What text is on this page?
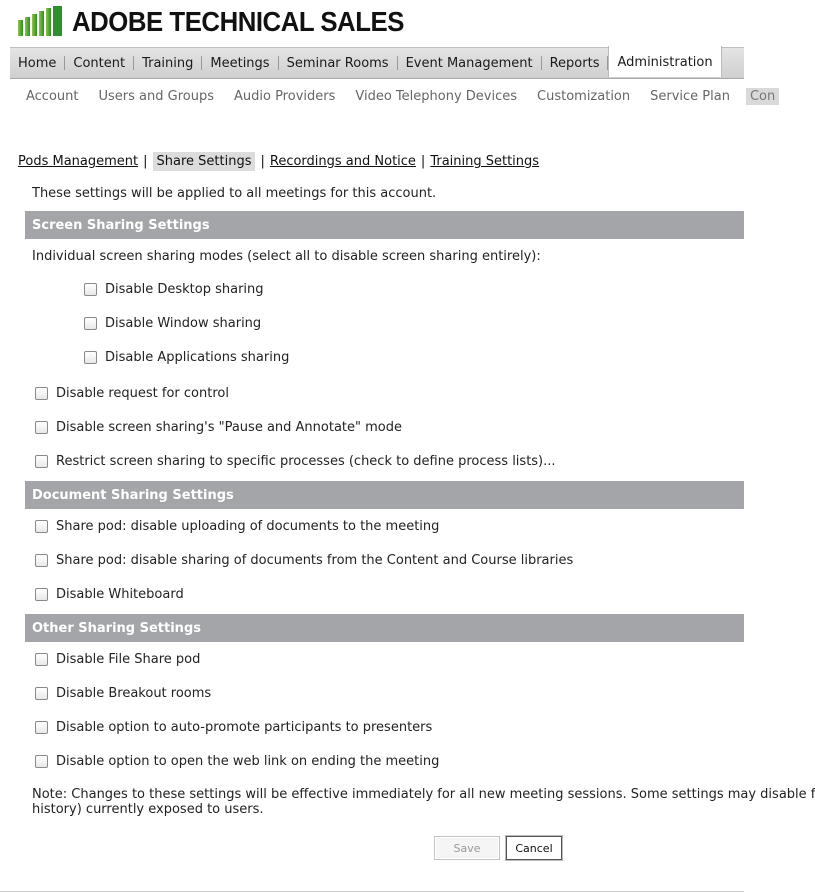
ADOBE TECHNICAL SALES
Home	Content	Training	Meetings	Seminar Rooms	Event Management	Reports	Administration
Account	Users and Groups	Audio Providers	Video Telephony Devices	Customization	Service Plan	Con
Pods Management | Share Settings | Recordings and Notice | Training Settings
These settings will be applied to all meetings for this account.
Screen Sharing Settings
Individual screen sharing modes (select all to disable screen sharing entirely):
Disable Desktop sharing
Disable Window sharing
Disable Applications sharing
Disable request for control
Disable screen sharing's "Pause and Annotate" mode
Restrict screen sharing to specific processes (check to define process lists)...
Document Sharing Settings
Share pod: disable uploading of documents to the meeting
Share pod: disable sharing of documents from the Content and Course libraries
Disable Whiteboard
Other Sharing Settings
Disable File Share pod
Disable Breakout rooms
Disable option to auto-promote participants to presenters
Disable option to open the web link on ending the meeting
Note: Changes to these settings will be effective immediately for all new meeting sessions. Some settings may disable f
history) currently exposed to users.
Save	Cancel
